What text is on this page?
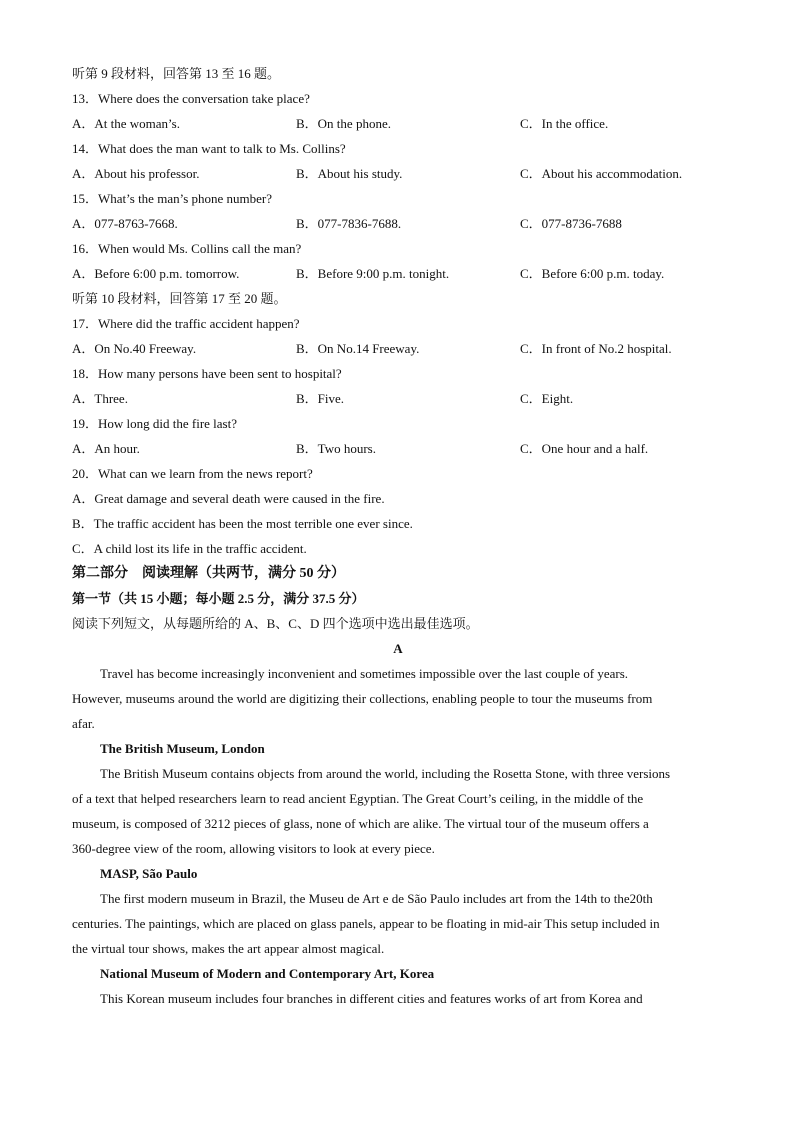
听第 9 段材料，回答第 13 至 16 题。
13．Where does the conversation take place?
A．At the woman’s.	B．On the phone.	C．In the office.
14．What does the man want to talk to Ms. Collins?
A．About his professor.	B．About his study.	C．About his accommodation.
15．What’s the man’s phone number?
A．077-8763-7668.	B．077-7836-7688.	C．077-8736-7688
16．When would Ms. Collins call the man?
A．Before 6:00 p.m. tomorrow.	B．Before 9:00 p.m. tonight.	C．Before 6:00 p.m. today.
听第 10 段材料，回答第 17 至 20 题。
17．Where did the traffic accident happen?
A．On No.40 Freeway.	B．On No.14 Freeway.	C．In front of No.2 hospital.
18．How many persons have been sent to hospital?
A．Three.	B．Five.	C．Eight.
19．How long did the fire last?
A．An hour.	B．Two hours.	C．One hour and a half.
20．What can we learn from the news report?
A．Great damage and several death were caused in the fire.
B．The traffic accident has been the most terrible one ever since.
C．A child lost its life in the traffic accident.
第二部分　阅读理解（共两节，满分 50 分）
第一节（共 15 小题；每小题 2.5 分，满分 37.5 分）
阅读下列短文，从每题所给的 A、B、C、D 四个选项中选出最佳选项。
A
Travel has become increasingly inconvenient and sometimes impossible over the last couple of years.
However, museums around the world are digitizing their collections, enabling people to tour the museums from
afar.
The British Museum, London
The British Museum contains objects from around the world, including the Rosetta Stone, with three versions
of a text that helped researchers learn to read ancient Egyptian. The Great Court’s ceiling, in the middle of the
museum, is composed of 3212 pieces of glass, none of which are alike. The virtual tour of the museum offers a
360-degree view of the room, allowing visitors to look at every piece.
MASP, São Paulo
The first modern museum in Brazil, the Museu de Art e de São Paulo includes art from the 14th to the20th
centuries. The paintings, which are placed on glass panels, appear to be floating in mid-air This setup included in
the virtual tour shows, makes the art appear almost magical.
National Museum of Modern and Contemporary Art, Korea
This Korean museum includes four branches in different cities and features works of art from Korea and
